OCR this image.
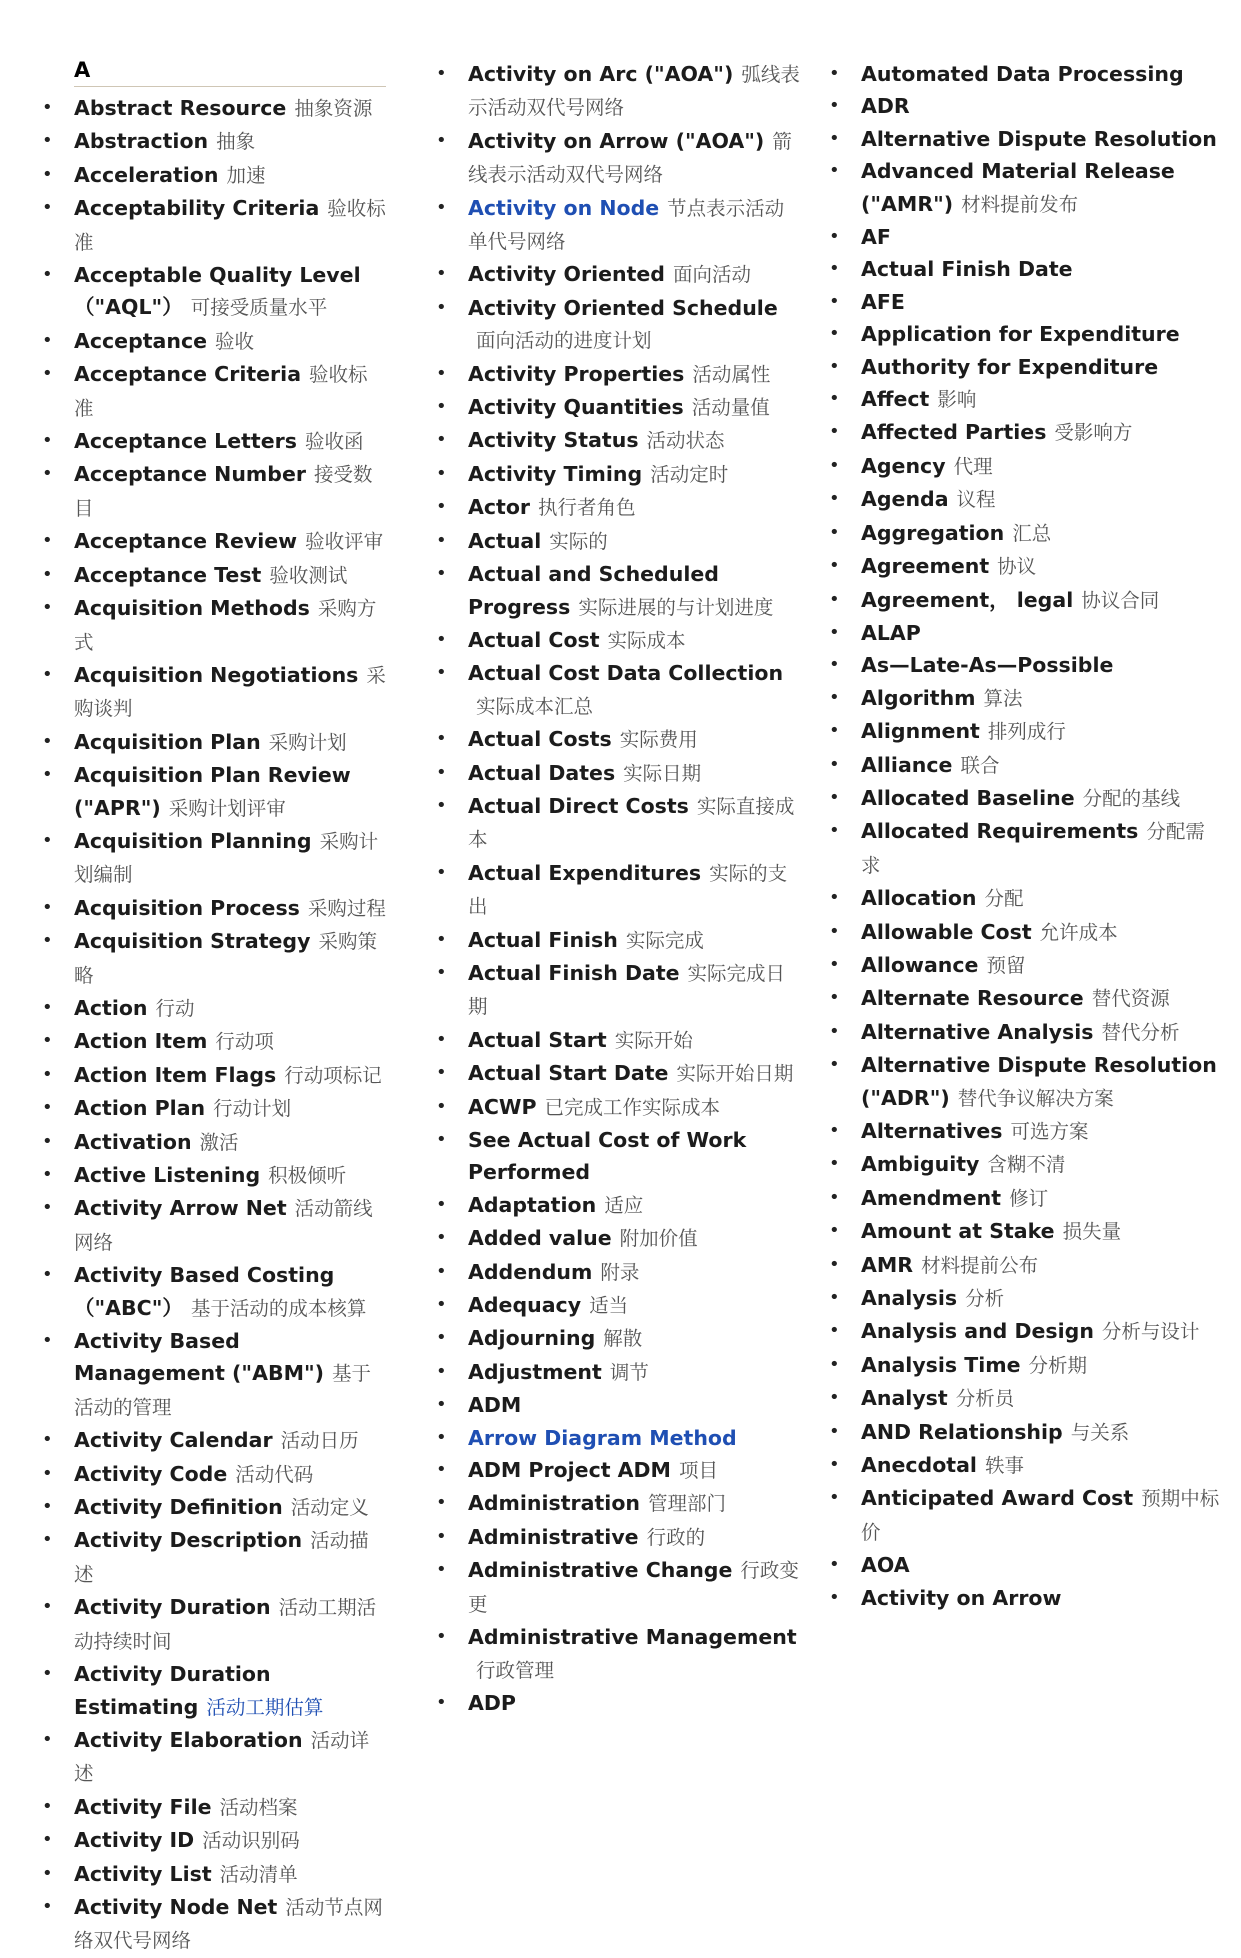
A
• Abstract Resource 抽象资源
• Abstraction 抽象
• Acceleration 加速
• Acceptability Criteria 验收标准
• Acceptable Quality Level （"AQL"） 可接受质量水平
• Acceptance 验收
• Acceptance Criteria 验收标准
• Acceptance Letters 验收函
• Acceptance Number 接受数目
• Acceptance Review 验收评审
• Acceptance Test 验收测试
• Acquisition Methods 采购方式
• Acquisition Negotiations 采购谈判
• Acquisition Plan 采购计划
• Acquisition Plan Review ("APR") 采购计划评审
• Acquisition Planning 采购计划编制
• Acquisition Process 采购过程
• Acquisition Strategy 采购策略
• Action 行动
• Action Item 行动项
• Action Item Flags 行动项标记
• Action Plan 行动计划
• Activation 激活
• Active Listening 积极倾听
• Activity Arrow Net 活动箭线网络
• Activity Based Costing （"ABC"） 基于活动的成本核算
• Activity Based Management ("ABM") 基于活动的管理
• Activity Calendar 活动日历
• Activity Code 活动代码
• Activity Definition 活动定义
• Activity Description 活动描述
• Activity Duration 活动工期活动持续时间
• Activity Duration Estimating 活动工期估算
• Activity Elaboration 活动详述
• Activity File 活动档案
• Activity ID 活动识别码
• Activity List 活动清单
• Activity Node Net 活动节点网络双代号网络
• Activity on Arc ("AOA") 弧线表示活动双代号网络
• Activity on Arrow ("AOA") 箭线表示活动双代号网络
• Activity on Node 节点表示活动单代号网络
• Activity Oriented 面向活动
• Activity Oriented Schedule面向活动的进度计划
• Activity Properties 活动属性
• Activity Quantities 活动量值
• Activity Status 活动状态
• Activity Timing 活动定时
• Actor 执行者角色
• Actual 实际的
• Actual and Scheduled Progress 实际进展的与计划进度
• Actual Cost 实际成本
• Actual Cost Data Collection实际成本汇总
• Actual Costs 实际费用
• Actual Dates 实际日期
• Actual Direct Costs 实际直接成本
• Actual Expenditures 实际的支出
• Actual Finish 实际完成
• Actual Finish Date 实际完成日期
• Actual Start 实际开始
• Actual Start Date 实际开始日期
• ACWP 已完成工作实际成本
• See Actual Cost of Work Performed
• Adaptation 适应
• Added value 附加价值
• Addendum 附录
• Adequacy 适当
• Adjourning 解散
• Adjustment 调节
• ADM
• Arrow Diagram Method
• ADM Project ADM 项目
• Administration 管理部门
• Administrative 行政的
• Administrative Change 行政变更
• Administrative Management行政管理
• ADP
• Automated Data Processing
• ADR
• Alternative Dispute Resolution
• Advanced Material Release ("AMR") 材料提前发布
• AF
• Actual Finish Date
• AFE
• Application for Expenditure
• Authority for Expenditure
• Affect 影响
• Affected Parties 受影响方
• Agency 代理
• Agenda 议程
• Aggregation 汇总
• Agreement 协议
• Agreement， legal 协议合同
• ALAP
• As—Late-As—Possible
• Algorithm 算法
• Alignment 排列成行
• Alliance 联合
• Allocated Baseline 分配的基线
• Allocated Requirements 分配需求
• Allocation 分配
• Allowable Cost 允许成本
• Allowance 预留
• Alternate Resource 替代资源
• Alternative Analysis 替代分析
• Alternative Dispute Resolution ("ADR") 替代争议解决方案
• Alternatives 可选方案
• Ambiguity 含糊不清
• Amendment 修订
• Amount at Stake 损失量
• AMR 材料提前公布
• Analysis 分析
• Analysis and Design 分析与设计
• Analysis Time 分析期
• Analyst 分析员
• AND Relationship 与关系
• Anecdotal 轶事
• Anticipated Award Cost 预期中标价
• AOA
• Activity on Arrow
